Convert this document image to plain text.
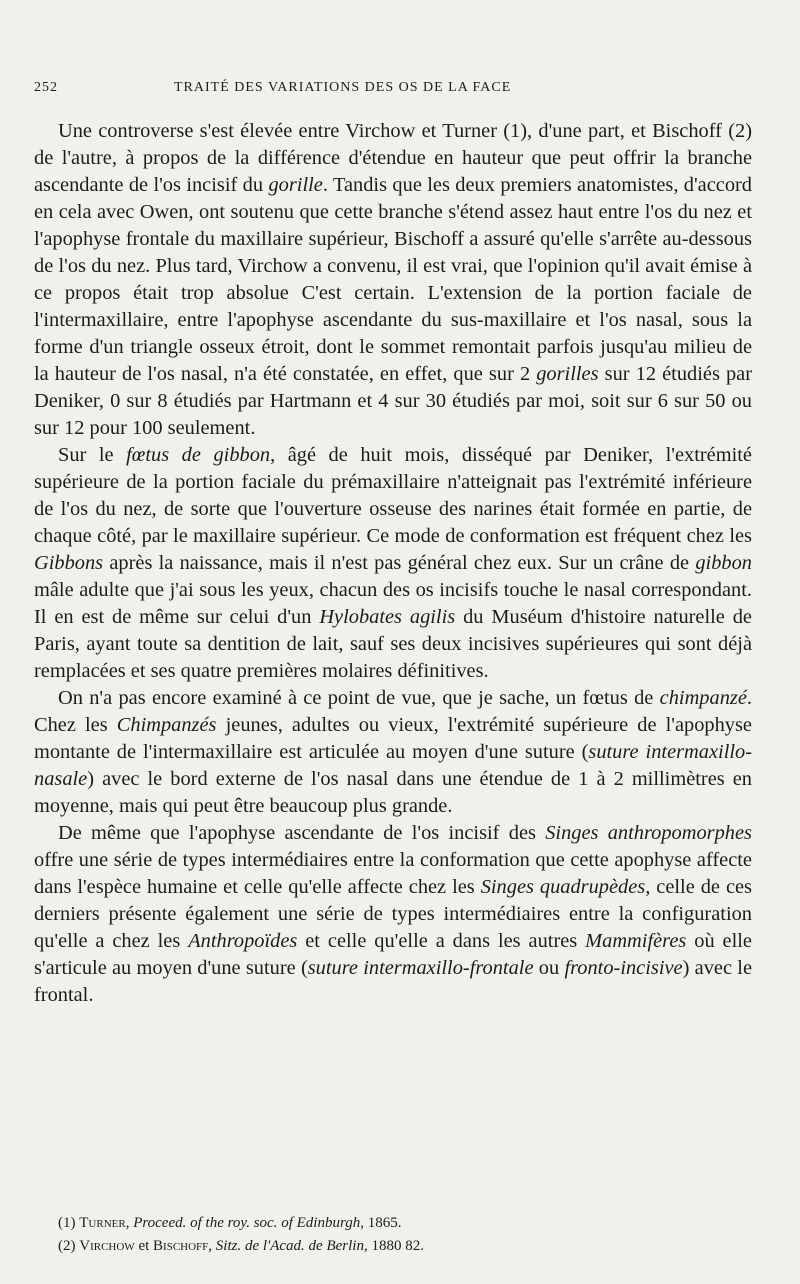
252	TRAITÉ DES VARIATIONS DES OS DE LA FACE

Une controverse s'est élevée entre Virchow et Turner (1), d'une part, et Bischoff (2) de l'autre, à propos de la différence d'étendue en hauteur que peut offrir la branche ascendante de l'os incisif du gorille. Tandis que les deux premiers anatomistes, d'accord en cela avec Owen, ont soutenu que cette branche s'étend assez haut entre l'os du nez et l'apophyse frontale du maxillaire supérieur, Bischoff a assuré qu'elle s'arrête au-dessous de l'os du nez. Plus tard, Virchow a convenu, il est vrai, que l'opinion qu'il avait émise à ce propos était trop absolue C'est certain. L'extension de la portion faciale de l'intermaxillaire, entre l'apophyse ascendante du sus-maxillaire et l'os nasal, sous la forme d'un triangle osseux étroit, dont le sommet remontait parfois jusqu'au milieu de la hauteur de l'os nasal, n'a été constatée, en effet, que sur 2 gorilles sur 12 étudiés par Deniker, 0 sur 8 étudiés par Hartmann et 4 sur 30 étudiés par moi, soit sur 6 sur 50 ou sur 12 pour 100 seulement.

Sur le fœtus de gibbon, âgé de huit mois, disséqué par Deniker, l'extrémité supérieure de la portion faciale du prémaxillaire n'atteignait pas l'extrémité inférieure de l'os du nez, de sorte que l'ouverture osseuse des narines était formée en partie, de chaque côté, par le maxillaire supérieur. Ce mode de conformation est fréquent chez les Gibbons après la naissance, mais il n'est pas général chez eux. Sur un crâne de gibbon mâle adulte que j'ai sous les yeux, chacun des os incisifs touche le nasal correspondant. Il en est de même sur celui d'un Hylobates agilis du Muséum d'histoire naturelle de Paris, ayant toute sa dentition de lait, sauf ses deux incisives supérieures qui sont déjà remplacées et ses quatre premières molaires définitives.

On n'a pas encore examiné à ce point de vue, que je sache, un fœtus de chimpanzé. Chez les Chimpanzés jeunes, adultes ou vieux, l'extrémité supérieure de l'apophyse montante de l'intermaxillaire est articulée au moyen d'une suture (suture intermaxillo-nasale) avec le bord externe de l'os nasal dans une étendue de 1 à 2 millimètres en moyenne, mais qui peut être beaucoup plus grande.

De même que l'apophyse ascendante de l'os incisif des Singes anthropomorphes offre une série de types intermédiaires entre la conformation que cette apophyse affecte dans l'espèce humaine et celle qu'elle affecte chez les Singes quadrupèdes, celle de ces derniers présente également une série de types intermédiaires entre la configuration qu'elle a chez les Anthropoïdes et celle qu'elle a dans les autres Mammifères où elle s'articule au moyen d'une suture (suture intermaxillo-frontale ou fronto-incisive) avec le frontal.

(1) Turner, Proceed. of the roy. soc. of Edinburgh, 1865.
(2) Virchow et Bischoff, Sitz. de l'Acad. de Berlin, 1880 82.
